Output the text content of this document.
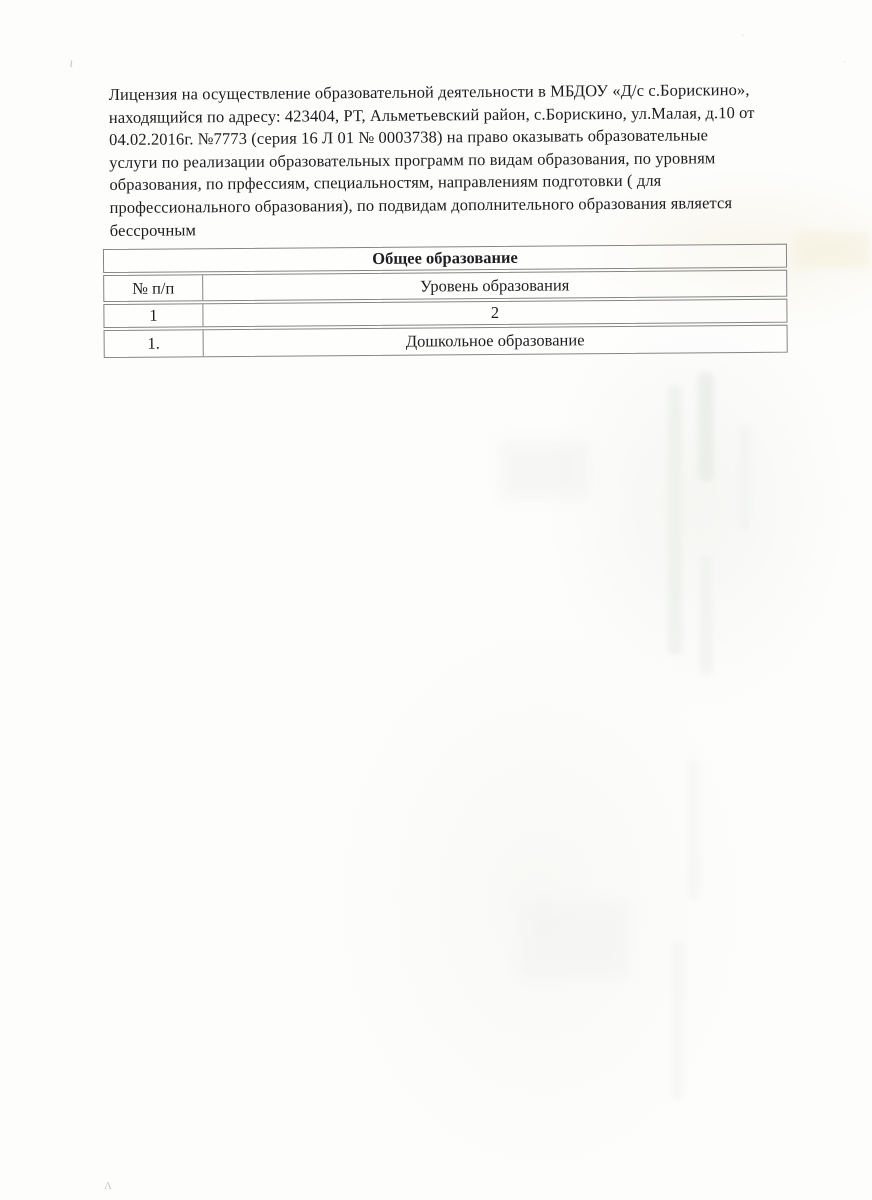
ι
ˏ
ˏ
Λ
Лицензия на осуществление образовательной деятельности в МБДОУ «Д/с с.Борискино»,
находящийся по адресу: 423404, РТ, Альметьевский район, с.Борискино, ул.Малая, д.10 от
04.02.2016г. №7773 (серия 16 Л 01 № 0003738) на право оказывать образовательные
услуги по реализации образовательных программ по видам образования, по уровням
образования, по прфессиям, специальностям, направлениям подготовки ( для
профессионального образования), по подвидам дополнительного образования является
бессрочным
Общее образование
№ п/п	Уровень образования
1	2
1.	Дошкольное образование
